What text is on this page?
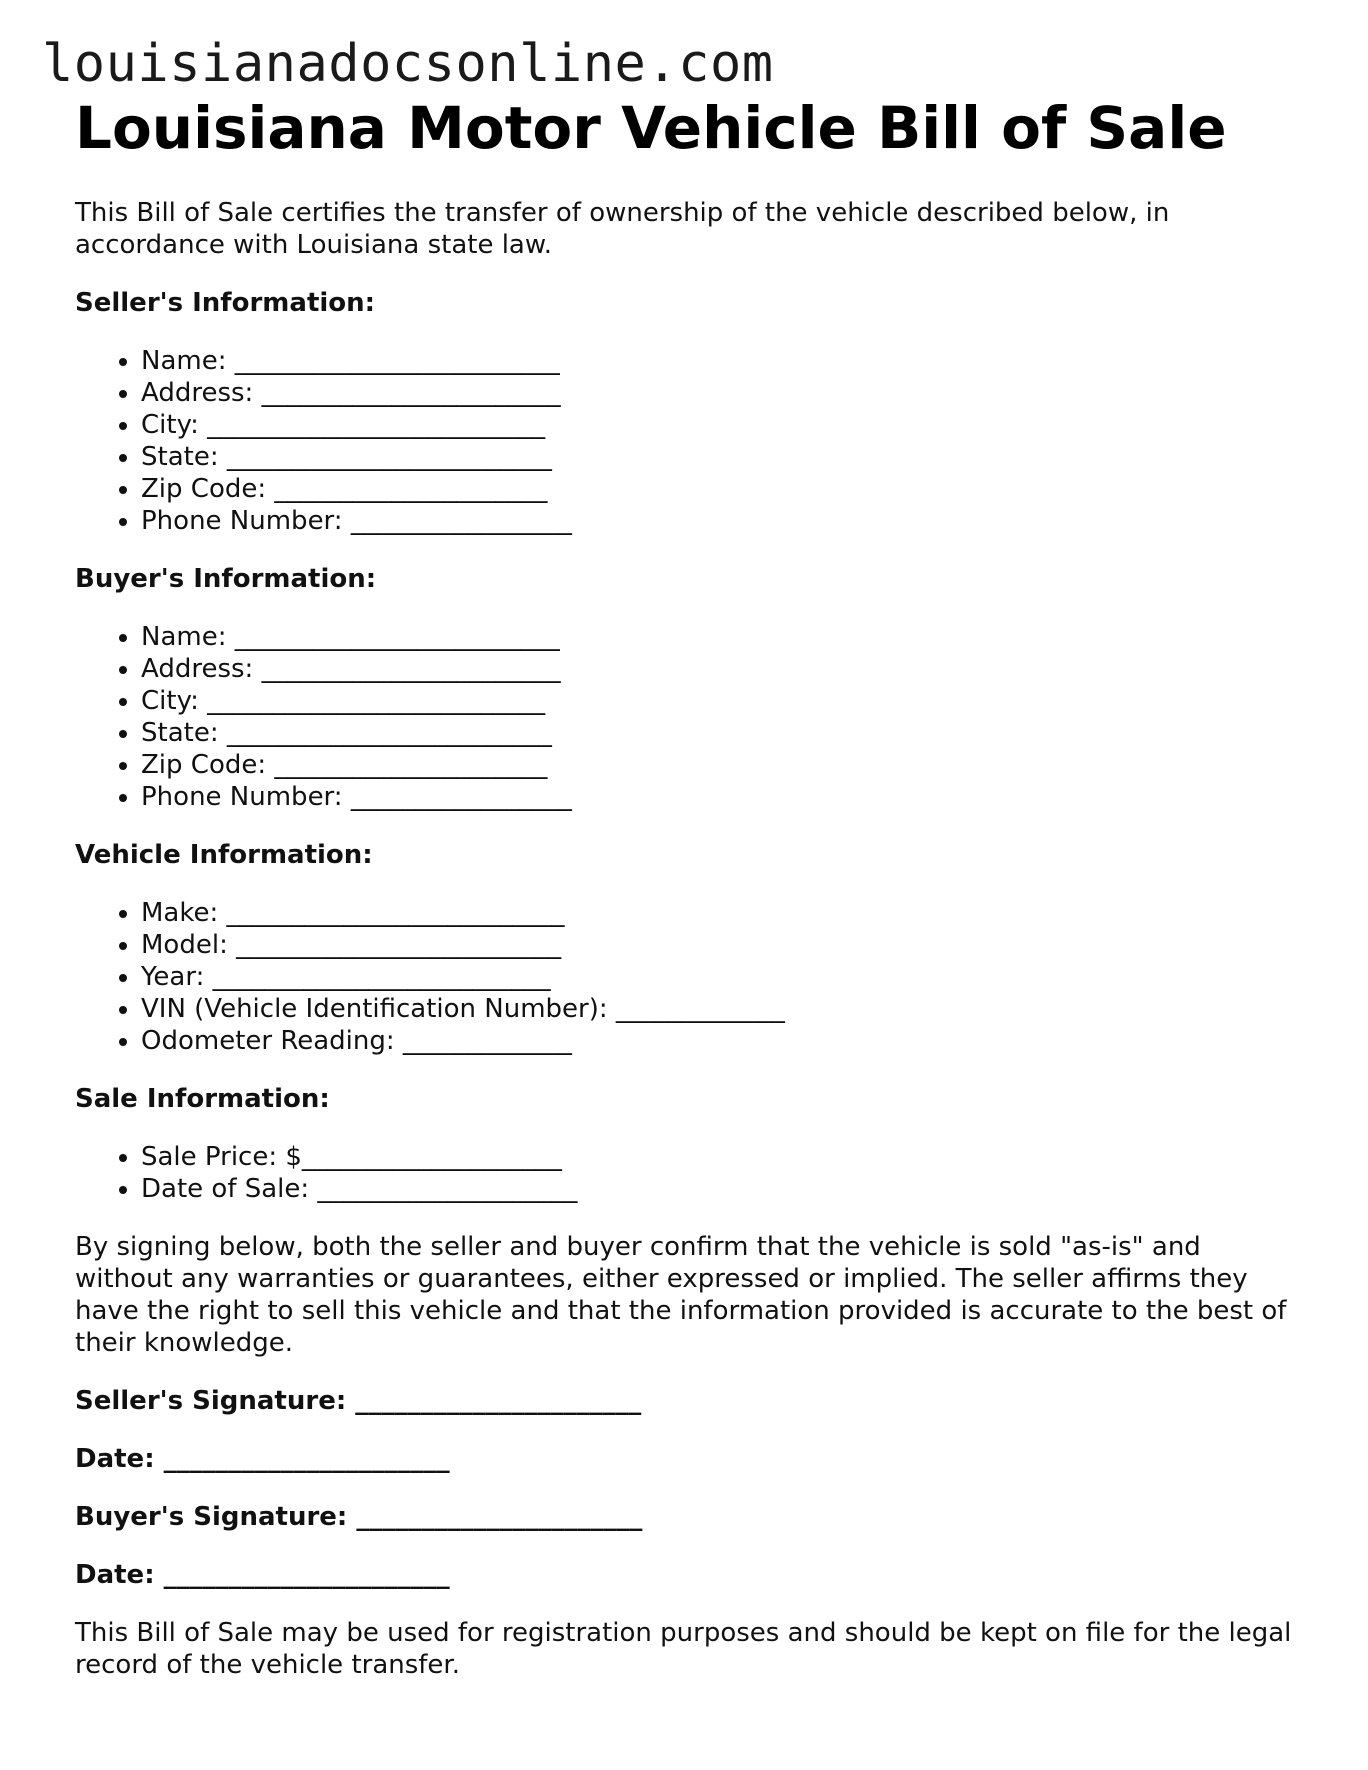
louisianadocsonline.com
Louisiana Motor Vehicle Bill of Sale

This Bill of Sale certifies the transfer of ownership of the vehicle described below, in accordance with Louisiana state law.

Seller's Information:

• Name: _________________________
• Address: _______________________
• City: __________________________
• State: _________________________
• Zip Code: _____________________
• Phone Number: _________________

Buyer's Information:

• Name: _________________________
• Address: _______________________
• City: __________________________
• State: _________________________
• Zip Code: _____________________
• Phone Number: _________________

Vehicle Information:

• Make: __________________________
• Model: _________________________
• Year: __________________________
• VIN (Vehicle Identification Number): _____________
• Odometer Reading: _____________

Sale Information:

• Sale Price: $____________________
• Date of Sale: ____________________

By signing below, both the seller and buyer confirm that the vehicle is sold "as-is" and without any warranties or guarantees, either expressed or implied. The seller affirms they have the right to sell this vehicle and that the information provided is accurate to the best of their knowledge.

Seller's Signature: ______________________

Date: ______________________

Buyer's Signature: ______________________

Date: ______________________

This Bill of Sale may be used for registration purposes and should be kept on file for the legal record of the vehicle transfer.
